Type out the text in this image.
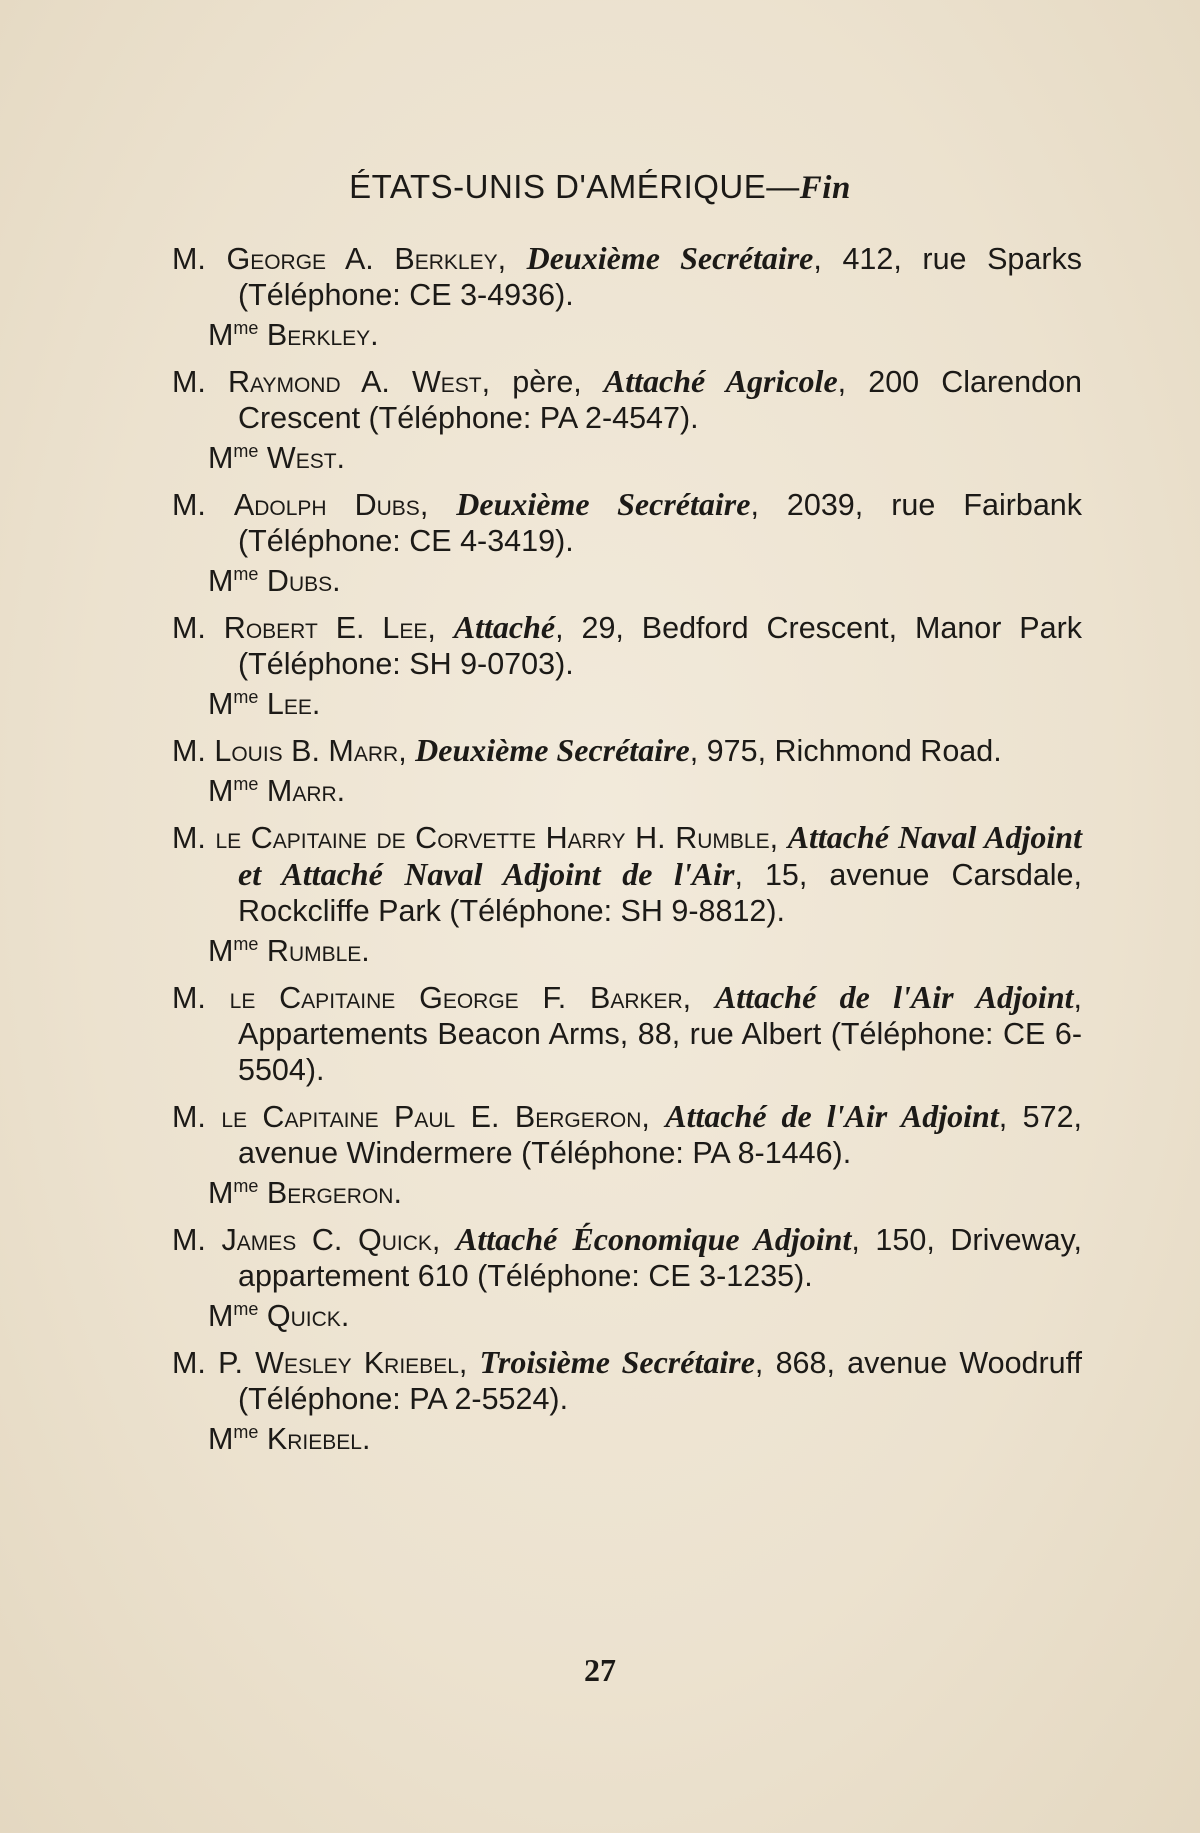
ÉTATS-UNIS D'AMÉRIQUE—Fin
M. George A. Berkley, Deuxième Secrétaire, 412, rue Sparks (Téléphone: CE 3-4936).
$M^{me}$ Berkley.
M. Raymond A. West, père, Attaché Agricole, 200 Clarendon Crescent (Téléphone: PA 2-4547).
$M^{me}$ West.
M. Adolph Dubs, Deuxième Secrétaire, 2039, rue Fairbank (Téléphone: CE 4-3419).
$M^{me}$ Dubs.
M. Robert E. Lee, Attaché, 29, Bedford Crescent, Manor Park (Téléphone: SH 9-0703).
$M^{me}$ Lee.
M. Louis B. Marr, Deuxième Secrétaire, 975, Richmond Road.
$M^{me}$ Marr.
M. le Capitaine de Corvette Harry H. Rumble, Attaché Naval Adjoint et Attaché Naval Adjoint de l'Air, 15, avenue Carsdale, Rockcliffe Park (Téléphone: SH 9-8812).
$M^{me}$ Rumble.
M. le Capitaine George F. Barker, Attaché de l'Air Adjoint, Appartements Beacon Arms, 88, rue Albert (Téléphone: CE 6-5504).
M. le Capitaine Paul E. Bergeron, Attaché de l'Air Adjoint, 572, avenue Windermere (Téléphone: PA 8-1446).
$M^{me}$ Bergeron.
M. James C. Quick, Attaché Économique Adjoint, 150, Driveway, appartement 610 (Téléphone: CE 3-1235).
$M^{me}$ Quick.
M. P. Wesley Kriebel, Troisième Secrétaire, 868, avenue Woodruff (Téléphone: PA 2-5524).
$M^{me}$ Kriebel.
27
